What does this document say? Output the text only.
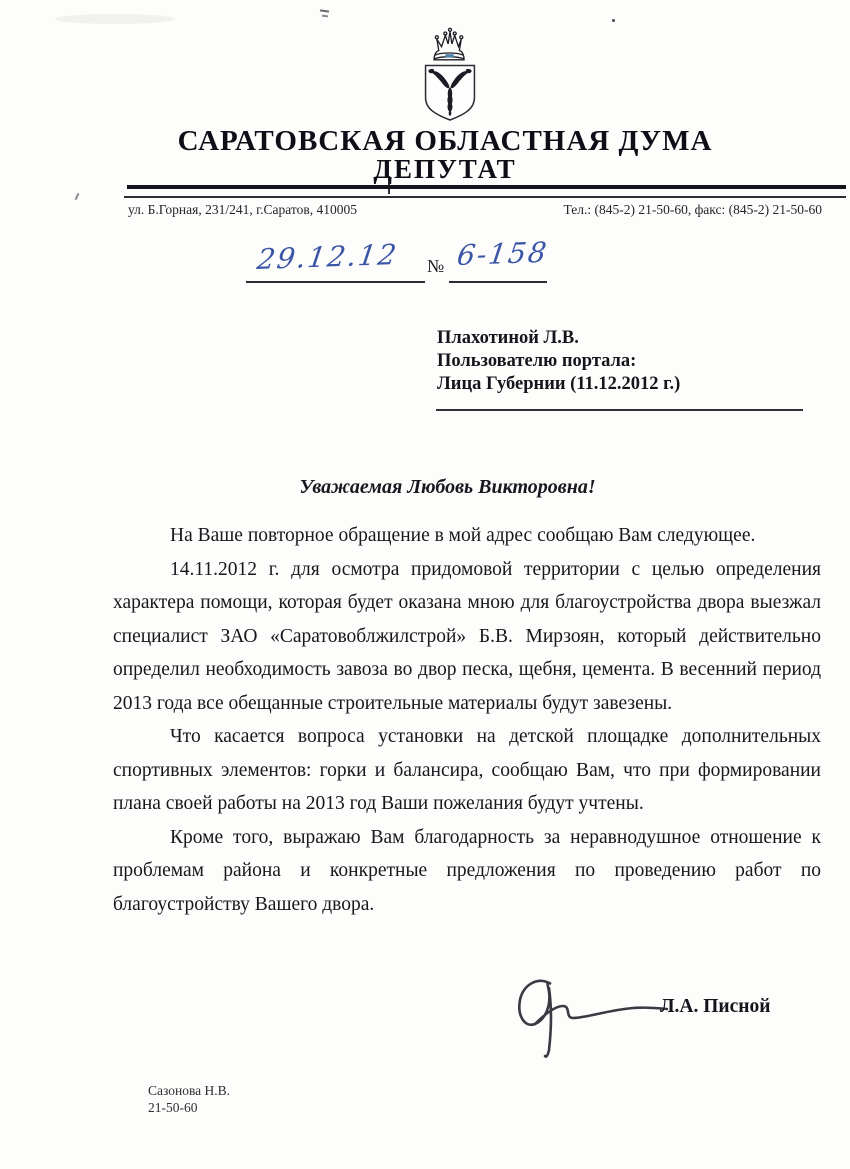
САРАТОВСКАЯ ОБЛАСТНАЯ ДУМА
ДЕПУТАТ
ул. Б.Горная, 231/241, г.Саратов, 410005	Тел.: (845-2) 21-50-60, факс: (845-2) 21-50-60
29.12.12 № 6-158
Плахотиной Л.В.
Пользователю портала:
Лица Губернии (11.12.2012 г.)
Уважаемая Любовь Викторовна!

На Ваше повторное обращение в мой адрес сообщаю Вам следующее.

14.11.2012 г. для осмотра придомовой территории с целью определения характера помощи, которая будет оказана мною для благоустройства двора выезжал специалист ЗАО «Саратовоблжилстрой» Б.В. Мирзоян, который действительно определил необходимость завоза во двор песка, щебня, цемента. В весенний период 2013 года все обещанные строительные материалы будут завезены.

Что касается вопроса установки на детской площадке дополнительных спортивных элементов: горки и балансира, сообщаю Вам, что при формировании плана своей работы на 2013 год Ваши пожелания будут учтены.

Кроме того, выражаю Вам благодарность за неравнодушное отношение к проблемам района и конкретные предложения по проведению работ по благоустройству Вашего двора.

Л.А. Писной
Сазонова Н.В.
21-50-60
